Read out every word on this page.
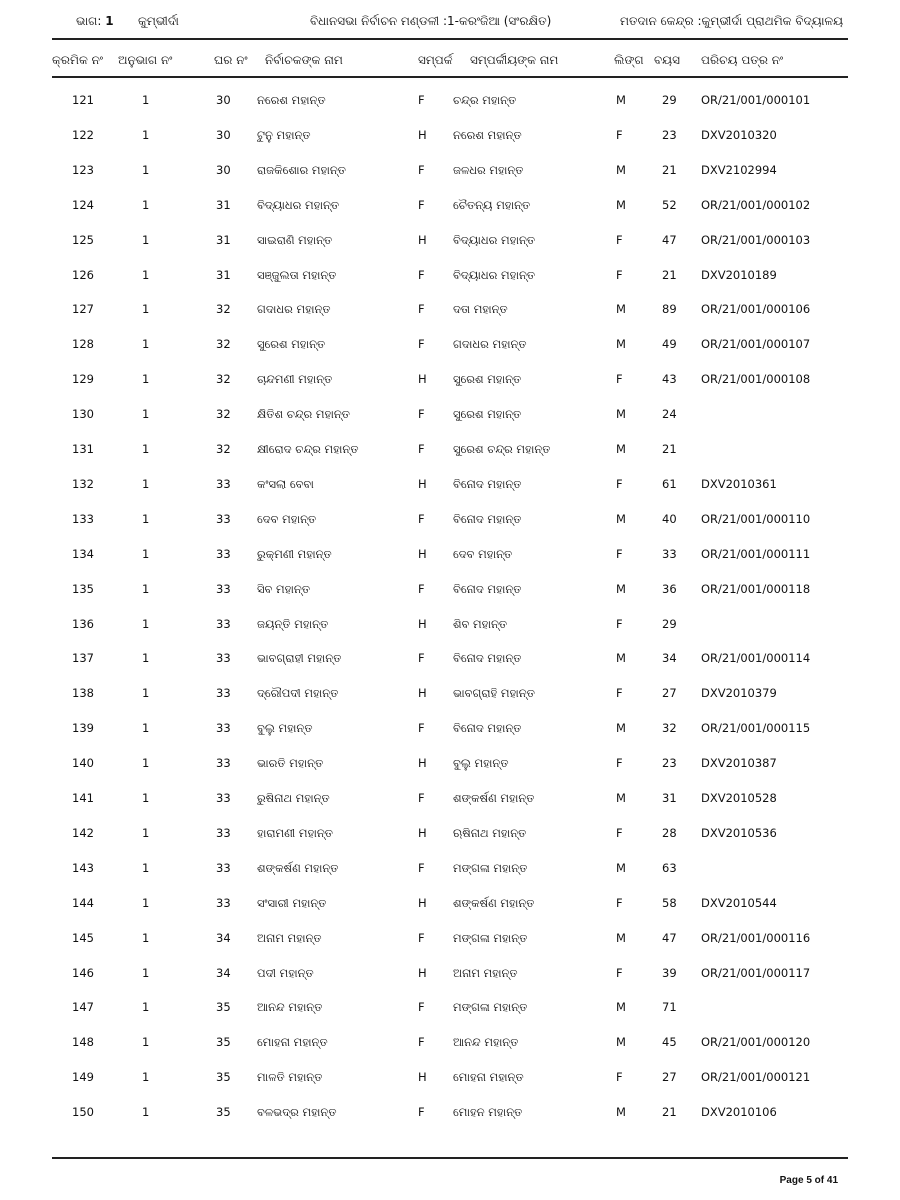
ଭାଗ: 1 କୁମ୍ଭୀର୍ଦା	ବିଧାନସଭା ନିର୍ବାଚନ ମଣ୍ଡଳୀ :1-କରଂଜିଆ (ସଂରକ୍ଷିତ)	ମତଦାନ କେନ୍ଦ୍ର :କୁମ୍ଭୀର୍ଦା ପ୍ରାଥମିକ ବିଦ୍ୟାଳୟ
କ୍ରମିକ ନଂ ଅନୁଭାଗ ନଂ	ଘର ନଂ ନିର୍ବାଚକଙ୍କ ନାମ	ସମ୍ପର୍କ ସମ୍ପର୍କୀୟଙ୍କ ନାମ	ଲିଙ୍ଗ ବୟସ ପରିଚୟ ପତ୍ର ନଂ
121	1	30 ନରେଶ ମହାନ୍ତ	F ଚନ୍ଦ୍ର ମହାନ୍ତ	M	29 OR/21/001/000101
122	1	30 ଟୁନୁ ମହାନ୍ତ	H ନରେଶ ମହାନ୍ତ	F	23 DXV2010320
123	1	30 ରାଜକିଶୋର ମହାନ୍ତ	F ଜଳଧର ମହାନ୍ତ	M	21 DXV2102994
124	1	31 ବିଦ୍ୟାଧର ମହାନ୍ତ	F ଚୈତନ୍ୟ ମହାନ୍ତ	M	52 OR/21/001/000102
125	1	31 ସାଇରାଣି ମହାନ୍ତ	H ବିଦ୍ୟାଧର ମହାନ୍ତ	F	47 OR/21/001/000103
126	1	31 ସଞ୍ଜୁଲତା ମହାନ୍ତ	F ବିଦ୍ୟାଧର ମହାନ୍ତ	F	21 DXV2010189
127	1	32 ଗଦାଧର ମହାନ୍ତ	F ଦତା ମହାନ୍ତ	M	89 OR/21/001/000106
128	1	32 ସୁରେଶ ମହାନ୍ତ	F ଗଦାଧର ମହାନ୍ତ	M	49 OR/21/001/000107
129	1	32 ଚାନ୍ଦମଣୀ ମହାନ୍ତ	H ସୁରେଶ ମହାନ୍ତ	F	43 OR/21/001/000108
130	1	32 କ୍ଷିତିଶ ଚନ୍ଦ୍ର ମହାନ୍ତ	F ସୁରେଶ ମହାନ୍ତ	M	24
131	1	32 କ୍ଷୀରୋଦ ଚନ୍ଦ୍ର ମହାନ୍ତ	F ସୁରେଶ ଚନ୍ଦ୍ର ମହାନ୍ତ	M	21
132	1	33 କଂସଲା ବେବା	H ବିନୋଦ ମହାନ୍ତ	F	61 DXV2010361
133	1	33 ଦେବ ମହାନ୍ତ	F ବିନୋଦ ମହାନ୍ତ	M	40 OR/21/001/000110
134	1	33 ରୁକ୍ମଣୀ ମହାନ୍ତ	H ଦେବ ମହାନ୍ତ	F	33 OR/21/001/000111
135	1	33 ସିବ ମହାନ୍ତ	F ବିନୋଦ ମହାନ୍ତ	M	36 OR/21/001/000118
136	1	33 ଜୟନ୍ତି ମହାନ୍ତ	H ଶିବ ମହାନ୍ତ	F	29
137	1	33 ଭାବଗ୍ରାହୀ ମହାନ୍ତ	F ବିନୋଦ ମହାନ୍ତ	M	34 OR/21/001/000114
138	1	33 ଦ୍ରୌପଦୀ ମହାନ୍ତ	H ଭାବଗ୍ରାହି ମହାନ୍ତ	F	27 DXV2010379
139	1	33 ବୁଲୁ ମହାନ୍ତ	F ବିନୋଦ ମହାନ୍ତ	M	32 OR/21/001/000115
140	1	33 ଭାରତି ମହାନ୍ତ	H ବୁଲୁ ମହାନ୍ତ	F	23 DXV2010387
141	1	33 ରୁଷିନାଥ ମହାନ୍ତ	F ଶଙ୍କର୍ଷଣ ମହାନ୍ତ	M	31 DXV2010528
142	1	33 ହାରାମଣୀ ମହାନ୍ତ	H ଋଷିନାଥ ମହାନ୍ତ	F	28 DXV2010536
143	1	33 ଶଙ୍କର୍ଷଣ ମହାନ୍ତ	F ମଙ୍ଗଳା ମହାନ୍ତ	M	63
144	1	33 ସଂସାରୀ ମହାନ୍ତ	H ଶଙ୍କର୍ଷଣ ମହାନ୍ତ	F	58 DXV2010544
145	1	34 ଅନାମ ମହାନ୍ତ	F ମଙ୍ଗଳା ମହାନ୍ତ	M	47 OR/21/001/000116
146	1	34 ପଦୀ ମହାନ୍ତ	H ଅନାମ ମହାନ୍ତ	F	39 OR/21/001/000117
147	1	35 ଆନନ୍ଦ ମହାନ୍ତ	F ମଙ୍ଗଳା ମହାନ୍ତ	M	71
148	1	35 ମୋହନା ମହାନ୍ତ	F ଆନନ୍ଦ ମହାନ୍ତ	M	45 OR/21/001/000120
149	1	35 ମାଳତି ମହାନ୍ତ	H ମୋହନା ମହାନ୍ତ	F	27 OR/21/001/000121
150	1	35 ବଳଭଦ୍ର ମହାନ୍ତ	F ମୋହନ ମହାନ୍ତ	M	21 DXV2010106
Page 5 of 41
